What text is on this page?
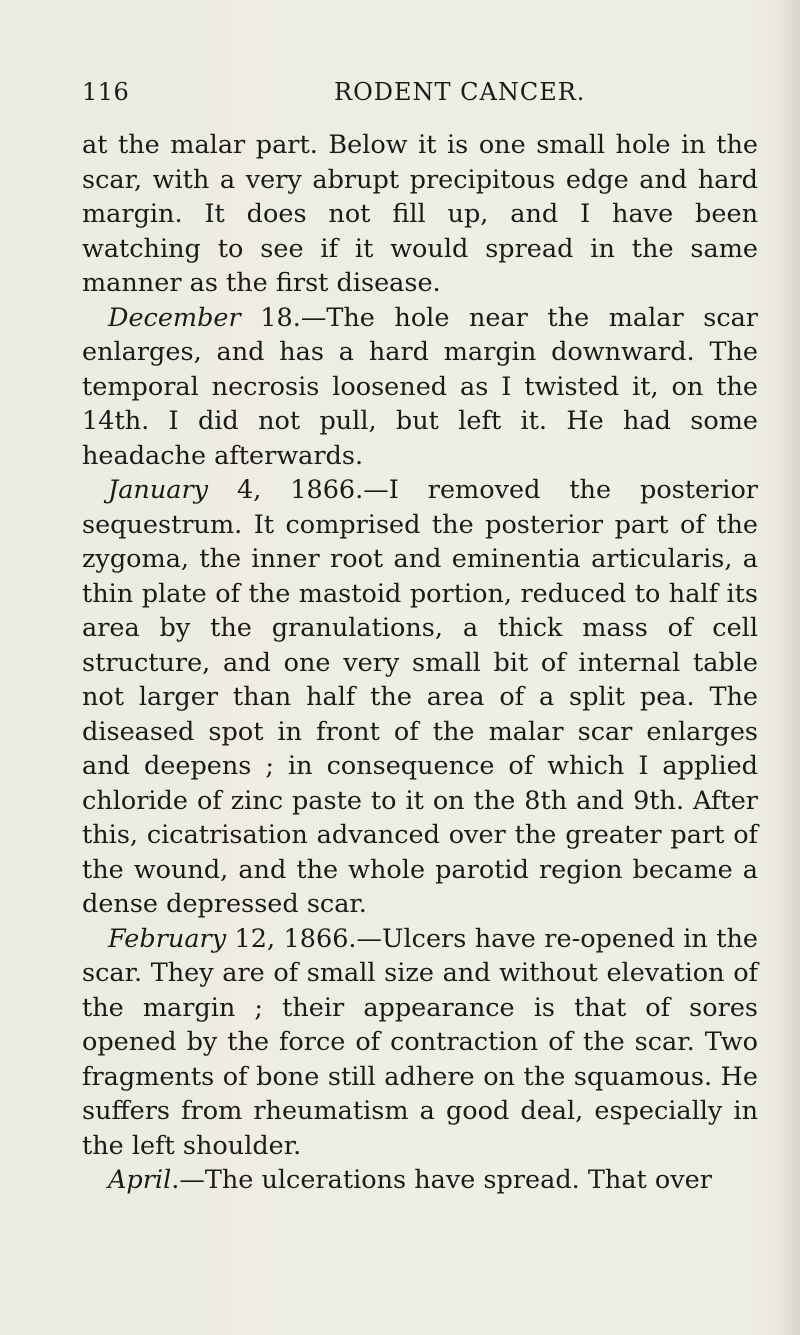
116	RODENT CANCER.

at the malar part. Below it is one small hole in the scar, with a very abrupt precipitous edge and hard margin. It does not fill up, and I have been watching to see if it would spread in the same manner as the first disease.

December 18.—The hole near the malar scar enlarges, and has a hard margin downward. The temporal necrosis loosened as I twisted it, on the 14th. I did not pull, but left it. He had some headache afterwards.

January 4, 1866.—I removed the posterior sequestrum. It comprised the posterior part of the zygoma, the inner root and eminentia articularis, a thin plate of the mastoid portion, reduced to half its area by the granulations, a thick mass of cell structure, and one very small bit of internal table not larger than half the area of a split pea. The diseased spot in front of the malar scar enlarges and deepens ; in consequence of which I applied chloride of zinc paste to it on the 8th and 9th. After this, cicatrisation advanced over the greater part of the wound, and the whole parotid region became a dense depressed scar.

February 12, 1866.—Ulcers have re-opened in the scar. They are of small size and without elevation of the margin ; their appearance is that of sores opened by the force of contraction of the scar. Two fragments of bone still adhere on the squamous. He suffers from rheumatism a good deal, especially in the left shoulder.

April.—The ulcerations have spread. That over
